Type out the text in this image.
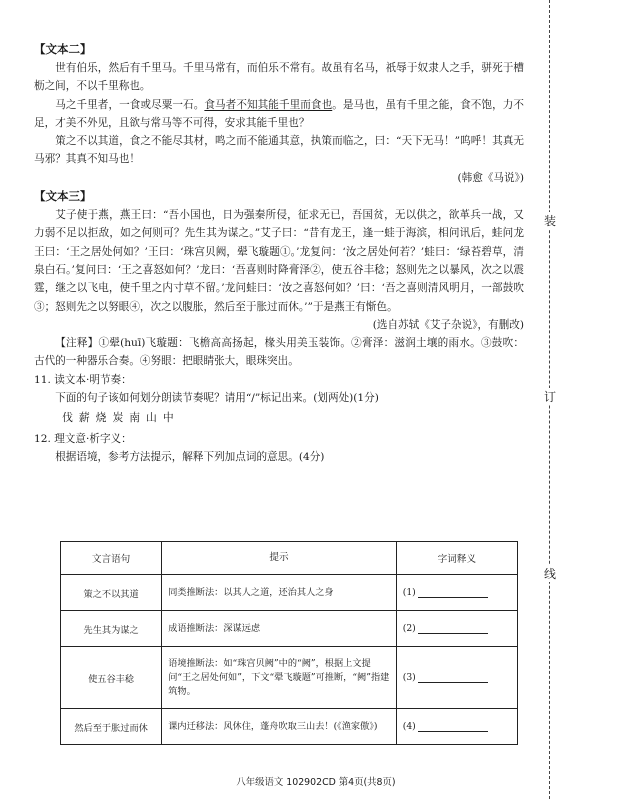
【文本二】

世有伯乐，然后有千里马。千里马常有，而伯乐不常有。故虽有名马，祇辱于奴隶人之手，骈死于槽枥之间，不以千里称也。

马之千里者，一食或尽粟一石。食马者不知其能千里而食也。是马也，虽有千里之能，食不饱，力不足，才美不外见，且欲与常马等不可得，安求其能千里也？

策之不以其道，食之不能尽其材，鸣之而不能通其意，执策而临之，曰：“天下无马！”呜呼！其真无马邪？其真不知马也！

(韩愈《马说》)

【文本三】

艾子使于燕，燕王曰：“吾小国也，日为强秦所侵，征求无已，吾国贫，无以供之，欲革兵一战，又力弱不足以拒敌，如之何则可？先生其为谋之。”艾子曰：“昔有龙王，逢一蛙于海滨，相问讯后，蛙问龙王曰：‘王之居处何如？’王曰：‘珠宫贝阙，翚飞璇题①。’龙复问：‘汝之居处何若？’蛙曰：‘绿苔碧草，清泉白石。’复问曰：‘王之喜怒如何？’龙曰：‘吾喜则时降膏泽②，使五谷丰稔；怒则先之以暴风，次之以震霆，继之以飞电，使千里之内寸草不留。’龙问蛙曰：‘汝之喜怒何如？’曰：‘吾之喜则清风明月，一部鼓吹③；怒则先之以努眼④，次之以腹胀，然后至于胀过而休。’”于是燕王有惭色。

(选自苏轼《艾子杂说》，有删改)

【注释】①翚(huī)飞璇题：飞檐高高扬起，椽头用美玉装饰。②膏泽：滋润土壤的雨水。③鼓吹：古代的一种器乐合奏。④努眼：把眼睛张大，眼珠突出。

11. 读文本·明节奏：

下面的句子该如何划分朗读节奏呢？请用“/”标记出来。(划两处)(1分)

伐薪烧炭南山中

12. 理文意·析字义：

根据语境，参考方法提示，解释下列加点词的意思。(4分)

文言语句	提示	字词释义
策之不以其道	同类推断法：以其人之道，还治其人之身	(1)
先生其为谋之	成语推断法：深谋远虑	(2)
使五谷丰稔	语境推断法：如“珠宫贝阙”中的“阙”，根据上文提问“王之居处何如”，下文“翚飞璇题”可推断，“阙”指建筑物。	(3)
然后至于胀过而休	课内迁移法：风休住，蓬舟吹取三山去！(《渔家傲》)	(4)
装
订
线
八年级语文 102902CD 第4页(共8页)
